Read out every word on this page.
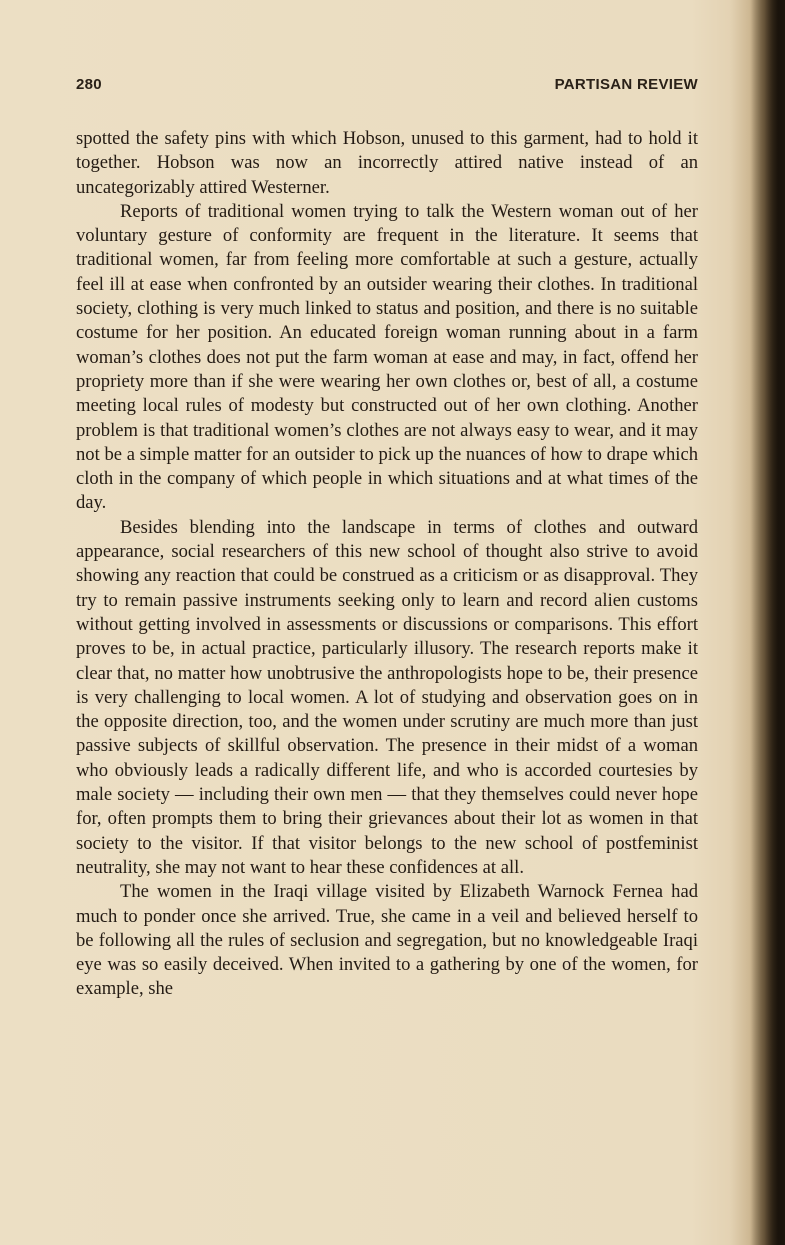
280	PARTISAN REVIEW

spotted the safety pins with which Hobson, unused to this garment, had to hold it together. Hobson was now an incorrectly attired native instead of an uncategorizably attired Westerner.

Reports of traditional women trying to talk the Western woman out of her voluntary gesture of conformity are frequent in the literature. It seems that traditional women, far from feeling more comfortable at such a gesture, actually feel ill at ease when confronted by an outsider wearing their clothes. In traditional society, clothing is very much linked to status and position, and there is no suitable costume for her position. An educated foreign woman running about in a farm woman’s clothes does not put the farm woman at ease and may, in fact, offend her propriety more than if she were wearing her own clothes or, best of all, a costume meeting local rules of modesty but constructed out of her own clothing. Another problem is that traditional women’s clothes are not always easy to wear, and it may not be a simple matter for an outsider to pick up the nuances of how to drape which cloth in the company of which people in which situations and at what times of the day.

Besides blending into the landscape in terms of clothes and outward appearance, social researchers of this new school of thought also strive to avoid showing any reaction that could be construed as a criticism or as disapproval. They try to remain passive instruments seeking only to learn and record alien customs without getting involved in assessments or discussions or comparisons. This effort proves to be, in actual practice, particularly illusory. The research reports make it clear that, no matter how unobtrusive the anthropologists hope to be, their presence is very challenging to local women. A lot of studying and observation goes on in the opposite direction, too, and the women under scrutiny are much more than just passive subjects of skillful observation. The presence in their midst of a woman who obviously leads a radically different life, and who is accorded courtesies by male society — including their own men — that they themselves could never hope for, often prompts them to bring their grievances about their lot as women in that society to the visitor. If that visitor belongs to the new school of postfeminist neutrality, she may not want to hear these confidences at all.

The women in the Iraqi village visited by Elizabeth Warnock Fernea had much to ponder once she arrived. True, she came in a veil and believed herself to be following all the rules of seclusion and segregation, but no knowledgeable Iraqi eye was so easily deceived. When invited to a gathering by one of the women, for example, she
